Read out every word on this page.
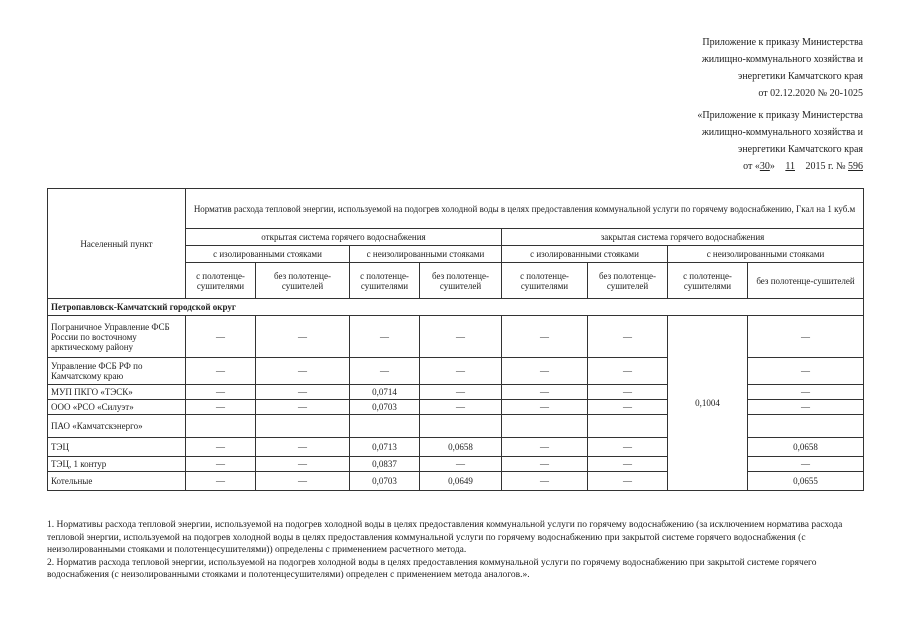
Приложение к приказу Министерства
жилищно-коммунального хозяйства и
энергетики Камчатского края
от 02.12.2020 № 20-1025
«Приложение к приказу Министерства
жилищно-коммунального хозяйства и
энергетики Камчатского края
от «30» 11 2015 г. № 596
Населенный пункт	Норматив расхода тепловой энергии, используемой на подогрев холодной воды в целях предоставления коммунальной услуги по горячему водоснабжению, Гкал на 1 куб.м							
	открытая система горячего водоснабжения				закрытая система горячего водоснабжения			
	с изолированными стояками		с неизолированными стояками		с изолированными стояками		с неизолированными стояками	
	с полотенце-сушителями	без полотенце-сушителей	с полотенце-сушителями	без полотенце-сушителей	с полотенце-сушителями	без полотенце-сушителей	с полотенце-сушителями	без полотенце-сушителей
Петропавловск-Камчатский городской округ								
Пограничное Управление ФСБ России по восточному арктическому району	—	—	—	—	—	—	0,1004	—
Управление ФСБ РФ по Камчатскому краю	—	—	—	—	—	—		—
МУП ПКГО «ТЭСК»	—	—	0,0714	—	—	—		—
ООО «РСО «Силуэт»	—	—	0,0703	—	—	—		—
ПАО «Камчатскэнерго»								
ТЭЦ	—	—	0,0713	0,0658	—	—		0,0658
ТЭЦ, 1 контур	—	—	0,0837	—	—	—		—
Котельные	—	—	0,0703	0,0649	—	—		0,0655

1. Нормативы расхода тепловой энергии, используемой на подогрев холодной воды в целях предоставления коммунальной услуги по горячему водоснабжению (за исключением норматива расхода тепловой энергии, используемой на подогрев холодной воды в целях предоставления коммунальной услуги по горячему водоснабжению при закрытой системе горячего водоснабжения (с неизолированными стояками и полотенцесушителями)) определены с применением расчетного метода.

2. Норматив расхода тепловой энергии, используемой на подогрев холодной воды в целях предоставления коммунальной услуги по горячему водоснабжению при закрытой системе горячего водоснабжения (с неизолированными стояками и полотенцесушителями) определен с применением метода аналогов.».
